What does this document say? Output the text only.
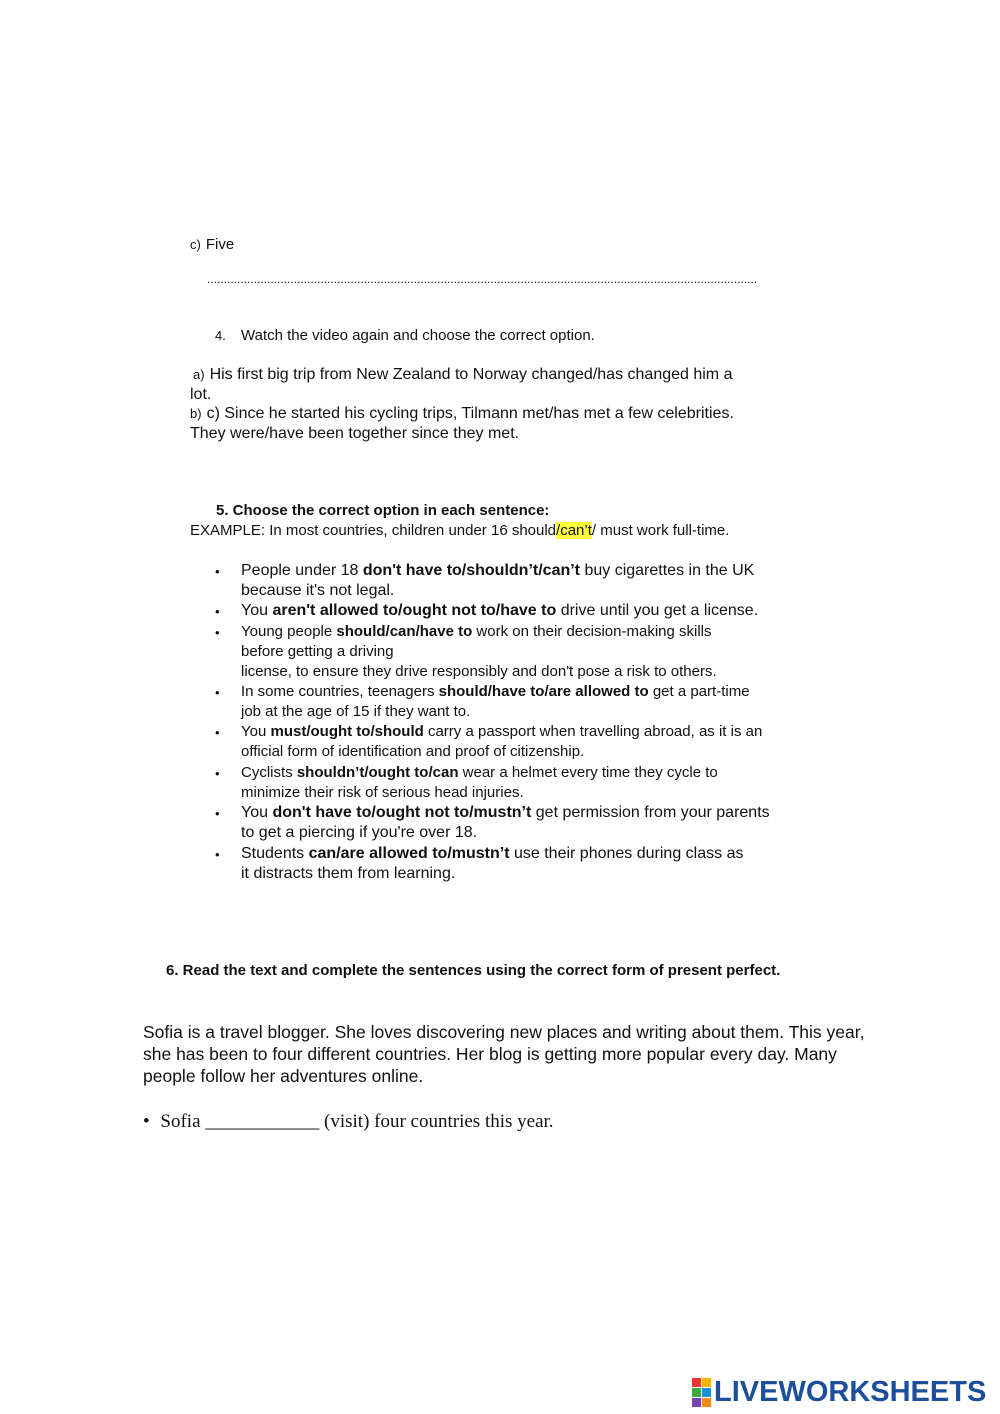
c) Five
.....................................................................................................................................................................
4. Watch the video again and choose the correct option.
a) His first big trip from New Zealand to Norway changed/has changed him a
lot.
b) c) Since he started his cycling trips, Tilmann met/has met a few celebrities.
They were/have been together since they met.
5. Choose the correct option in each sentence:
EXAMPLE: In most countries, children under 16 should/can’t/ must work full-time.
• People under 18 don't have to/shouldn’t/can’t buy cigarettes in the UK
because it's not legal.
• You aren't allowed to/ought not to/have to drive until you get a license.
• Young people should/can/have to work on their decision-making skills
before getting a driving
license, to ensure they drive responsibly and don't pose a risk to others.
• In some countries, teenagers should/have to/are allowed to get a part-time
job at the age of 15 if they want to.
• You must/ought to/should carry a passport when travelling abroad, as it is an
official form of identification and proof of citizenship.
• Cyclists shouldn’t/ought to/can wear a helmet every time they cycle to
minimize their risk of serious head injuries.
• You don't have to/ought not to/mustn’t get permission from your parents
to get a piercing if you're over 18.
• Students can/are allowed to/mustn’t use their phones during class as
it distracts them from learning.
6. Read the text and complete the sentences using the correct form of present perfect.
Sofia is a travel blogger. She loves discovering new places and writing about them. This year,
she has been to four different countries. Her blog is getting more popular every day. Many
people follow her adventures online.
• Sofia ____________ (visit) four countries this year.
LIVEWORKSHEETS
